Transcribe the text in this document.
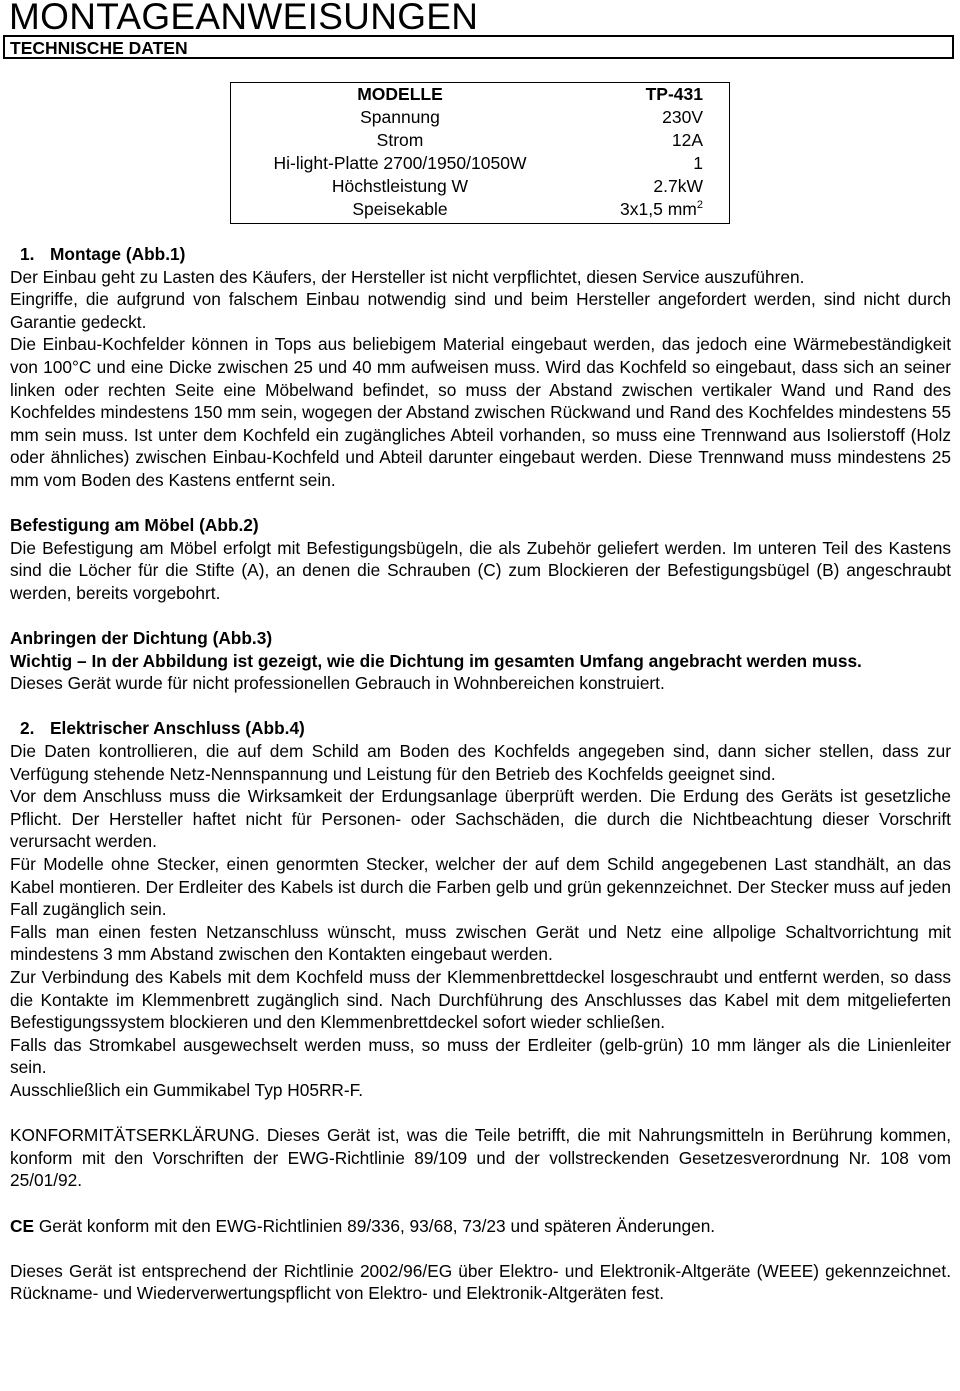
MONTAGEANWEISUNGEN
TECHNISCHE DATEN
MODELLE	TP-431
Spannung	230V
Strom	12A
Hi-light-Platte 2700/1950/1050W	1
Höchstleistung W	2.7kW
Speisekable	3x1,5 $mm^2$

1. Montage (Abb.1)

Der Einbau geht zu Lasten des Käufers, der Hersteller ist nicht verpflichtet, diesen Service auszuführen.

Eingriffe, die aufgrund von falschem Einbau notwendig sind und beim Hersteller angefordert werden, sind nicht durch Garantie gedeckt.

Die Einbau-Kochfelder können in Tops aus beliebigem Material eingebaut werden, das jedoch eine Wärmebeständigkeit von 100°C und eine Dicke zwischen 25 und 40 mm aufweisen muss. Wird das Kochfeld so eingebaut, dass sich an seiner linken oder rechten Seite eine Möbelwand befindet, so muss der Abstand zwischen vertikaler Wand und Rand des Kochfeldes mindestens 150 mm sein, wogegen der Abstand zwischen Rückwand und Rand des Kochfeldes mindestens 55 mm sein muss. Ist unter dem Kochfeld ein zugängliches Abteil vorhanden, so muss eine Trennwand aus Isolierstoff (Holz oder ähnliches) zwischen Einbau-Kochfeld und Abteil darunter eingebaut werden. Diese Trennwand muss mindestens 25 mm vom Boden des Kastens entfernt sein.

Befestigung am Möbel (Abb.2)

Die Befestigung am Möbel erfolgt mit Befestigungsbügeln, die als Zubehör geliefert werden. Im unteren Teil des Kastens sind die Löcher für die Stifte (A), an denen die Schrauben (C) zum Blockieren der Befestigungsbügel (B) angeschraubt werden, bereits vorgebohrt.

Anbringen der Dichtung (Abb.3)

Wichtig – In der Abbildung ist gezeigt, wie die Dichtung im gesamten Umfang angebracht werden muss.

Dieses Gerät wurde für nicht professionellen Gebrauch in Wohnbereichen konstruiert.

2. Elektrischer Anschluss (Abb.4)

Die Daten kontrollieren, die auf dem Schild am Boden des Kochfelds angegeben sind, dann sicher stellen, dass zur Verfügung stehende Netz-Nennspannung und Leistung für den Betrieb des Kochfelds geeignet sind.

Vor dem Anschluss muss die Wirksamkeit der Erdungsanlage überprüft werden. Die Erdung des Geräts ist gesetzliche Pflicht. Der Hersteller haftet nicht für Personen- oder Sachschäden, die durch die Nichtbeachtung dieser Vorschrift verursacht werden.

Für Modelle ohne Stecker, einen genormten Stecker, welcher der auf dem Schild angegebenen Last standhält, an das Kabel montieren. Der Erdleiter des Kabels ist durch die Farben gelb und grün gekennzeichnet. Der Stecker muss auf jeden Fall zugänglich sein.

Falls man einen festen Netzanschluss wünscht, muss zwischen Gerät und Netz eine allpolige Schaltvorrichtung mit mindestens 3 mm Abstand zwischen den Kontakten eingebaut werden.

Zur Verbindung des Kabels mit dem Kochfeld muss der Klemmenbrettdeckel losgeschraubt und entfernt werden, so dass die Kontakte im Klemmenbrett zugänglich sind. Nach Durchführung des Anschlusses das Kabel mit dem mitgelieferten Befestigungssystem blockieren und den Klemmenbrettdeckel sofort wieder schließen.

Falls das Stromkabel ausgewechselt werden muss, so muss der Erdleiter (gelb-grün) 10 mm länger als die Linienleiter sein.

Ausschließlich ein Gummikabel Typ H05RR-F.

KONFORMITÄTSERKLÄRUNG. Dieses Gerät ist, was die Teile betrifft, die mit Nahrungsmitteln in Berührung kommen, konform mit den Vorschriften der EWG-Richtlinie 89/109 und der vollstreckenden Gesetzesverordnung Nr. 108 vom 25/01/92.

CE Gerät konform mit den EWG-Richtlinien 89/336, 93/68, 73/23 und späteren Änderungen.

Dieses Gerät ist entsprechend der Richtlinie 2002/96/EG über Elektro- und Elektronik-Altgeräte (WEEE) gekennzeichnet. Rückname- und Wiederverwertungspflicht von Elektro- und Elektronik-Altgeräten fest.
